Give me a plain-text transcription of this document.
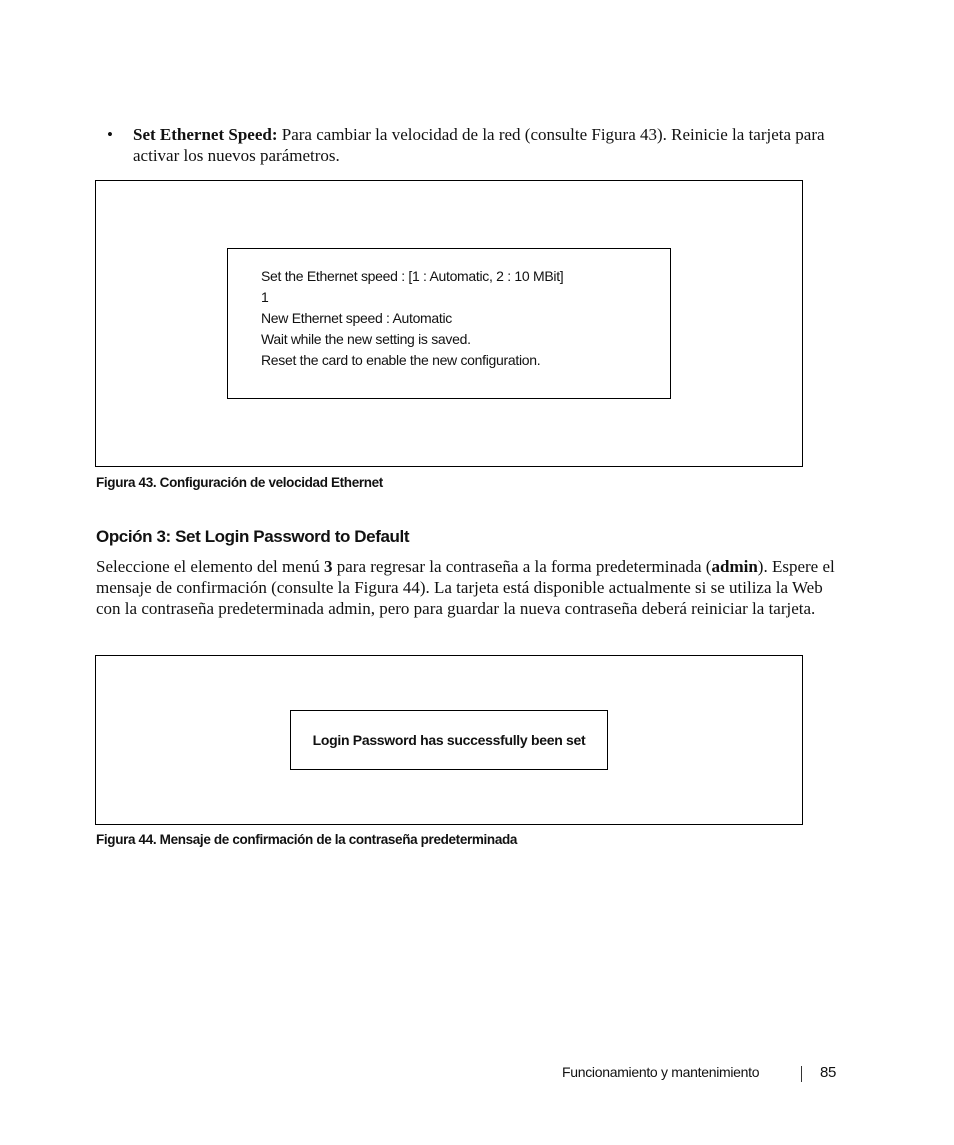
• Set Ethernet Speed: Para cambiar la velocidad de la red (consulte Figura 43). Reinicie la tarjeta para activar los nuevos parámetros.
Set the Ethernet speed : [1 : Automatic, 2 : 10 MBit]
1
New Ethernet speed : Automatic
Wait while the new setting is saved.
Reset the card to enable the new configuration.
Figura 43. Configuración de velocidad Ethernet
Opción 3: Set Login Password to Default
Seleccione el elemento del menú 3 para regresar la contraseña a la forma predeterminada (admin). Espere el mensaje de confirmación (consulte la Figura 44). La tarjeta está disponible actualmente si se utiliza la Web con la contraseña predeterminada admin, pero para guardar la nueva contraseña deberá reiniciar la tarjeta.
Login Password has successfully been set
Figura 44. Mensaje de confirmación de la contraseña predeterminada
Funcionamiento y mantenimiento	85
